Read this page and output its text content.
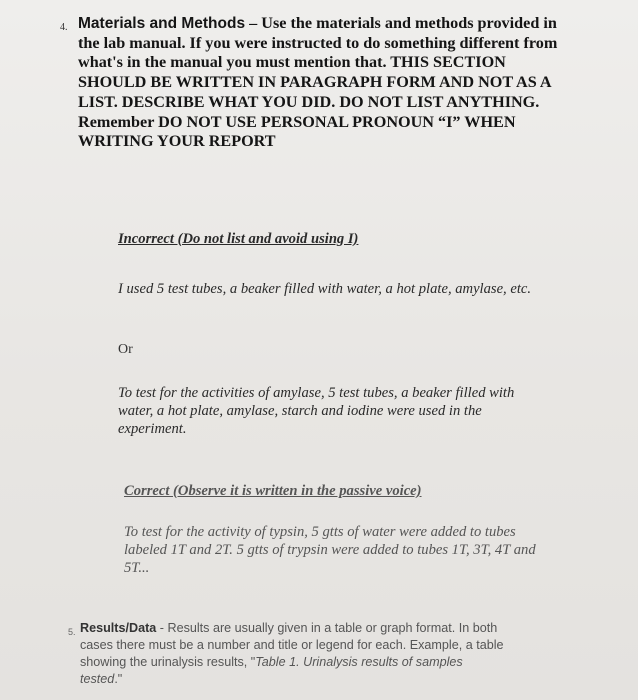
4. Materials and Methods – Use the materials and methods provided in the lab manual. If you were instructed to do something different from what's in the manual you must mention that. THIS SECTION SHOULD BE WRITTEN IN PARAGRAPH FORM AND NOT AS A LIST. DESCRIBE WHAT YOU DID. DO NOT LIST ANYTHING. Remember DO NOT USE PERSONAL PRONOUN “I” WHEN WRITING YOUR REPORT
Incorrect (Do not list and avoid using I)
I used 5 test tubes, a beaker filled with water, a hot plate, amylase, etc.
Or
To test for the activities of amylase, 5 test tubes, a beaker filled with water, a hot plate, amylase, starch and iodine were used in the experiment.
Correct (Observe it is written in the passive voice)
To test for the activity of typsin, 5 gtts of water were added to tubes labeled 1T and 2T. 5 gtts of trypsin were added to tubes 1T, 3T, 4T and 5T...
5. Results/Data - Results are usually given in a table or graph format. In both cases there must be a number and title or legend for each. Example, a table showing the urinalysis results, "Table 1. Urinalysis results of samples tested."
